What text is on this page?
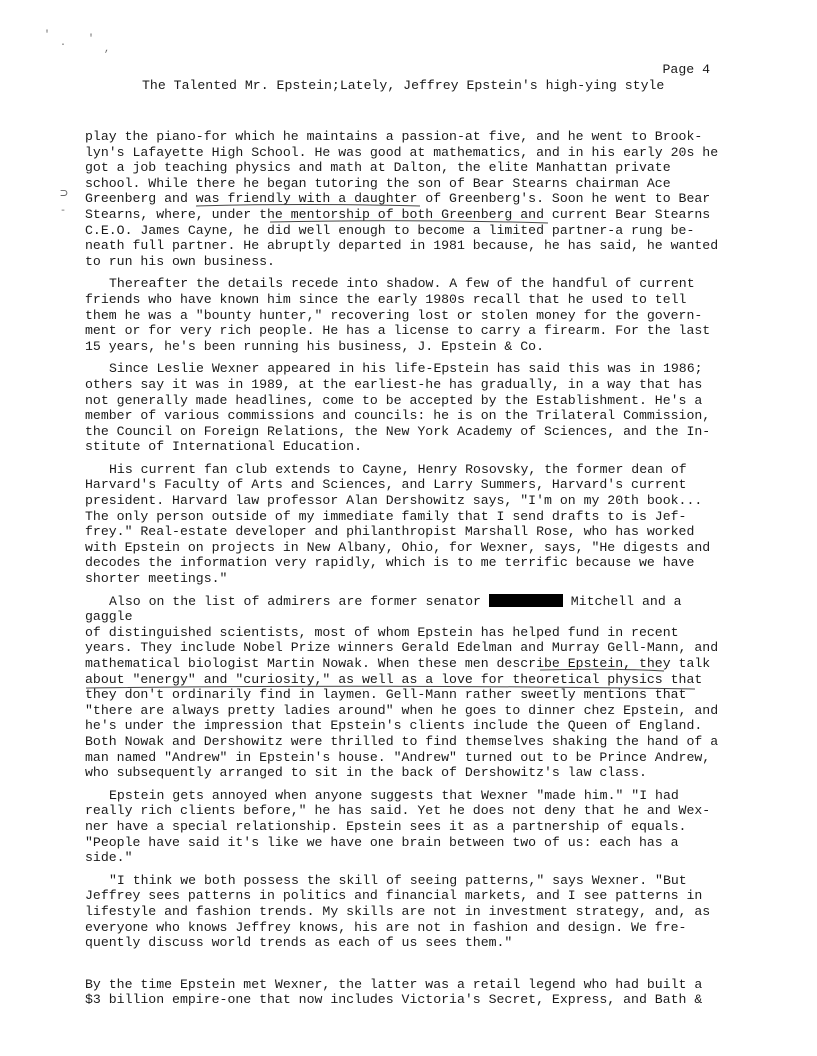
'	'
·	,
⊃
-
Page 4
The Talented Mr. Epstein;Lately, Jeffrey Epstein's high-ying style

play the piano-for which he maintains a passion-at five, and he went to Brook-
lyn's Lafayette High School. He was good at mathematics, and in his early 20s he
got a job teaching physics and math at Dalton, the elite Manhattan private
school. While there he began tutoring the son of Bear Stearns chairman Ace
Greenberg and was friendly with a daughter of Greenberg's. Soon he went to Bear
Stearns, where, under the mentorship of both Greenberg and current Bear Stearns
C.E.O. James Cayne, he did well enough to become a limited partner-a rung be-
neath full partner. He abruptly departed in 1981 because, he has said, he wanted
to run his own business.

Thereafter the details recede into shadow. A few of the handful of current
friends who have known him since the early 1980s recall that he used to tell
them he was a "bounty hunter," recovering lost or stolen money for the govern-
ment or for very rich people. He has a license to carry a firearm. For the last
15 years, he's been running his business, J. Epstein & Co.

Since Leslie Wexner appeared in his life-Epstein has said this was in 1986;
others say it was in 1989, at the earliest-he has gradually, in a way that has
not generally made headlines, come to be accepted by the Establishment. He's a
member of various commissions and councils: he is on the Trilateral Commission,
the Council on Foreign Relations, the New York Academy of Sciences, and the In-
stitute of International Education.

His current fan club extends to Cayne, Henry Rosovsky, the former dean of
Harvard's Faculty of Arts and Sciences, and Larry Summers, Harvard's current
president. Harvard law professor Alan Dershowitz says, "I'm on my 20th book...
The only person outside of my immediate family that I send drafts to is Jef-
frey." Real-estate developer and philanthropist Marshall Rose, who has worked
with Epstein on projects in New Albany, Ohio, for Wexner, says, "He digests and
decodes the information very rapidly, which is to me terrific because we have
shorter meetings."

Also on the list of admirers are former senator	Mitchell and a gaggle
of distinguished scientists, most of whom Epstein has helped fund in recent
years. They include Nobel Prize winners Gerald Edelman and Murray Gell-Mann, and
mathematical biologist Martin Nowak. When these men describe Epstein, they talk
about "energy" and "curiosity," as well as a love for theoretical physics that
they don't ordinarily find in laymen. Gell-Mann rather sweetly mentions that
"there are always pretty ladies around" when he goes to dinner chez Epstein, and
he's under the impression that Epstein's clients include the Queen of England.
Both Nowak and Dershowitz were thrilled to find themselves shaking the hand of a
man named "Andrew" in Epstein's house. "Andrew" turned out to be Prince Andrew,
who subsequently arranged to sit in the back of Dershowitz's law class.

Epstein gets annoyed when anyone suggests that Wexner "made him." "I had
really rich clients before," he has said. Yet he does not deny that he and Wex-
ner have a special relationship. Epstein sees it as a partnership of equals.
"People have said it's like we have one brain between two of us: each has a
side."

"I think we both possess the skill of seeing patterns," says Wexner. "But
Jeffrey sees patterns in politics and financial markets, and I see patterns in
lifestyle and fashion trends. My skills are not in investment strategy, and, as
everyone who knows Jeffrey knows, his are not in fashion and design. We fre-
quently discuss world trends as each of us sees them."

By the time Epstein met Wexner, the latter was a retail legend who had built a
$3 billion empire-one that now includes Victoria's Secret, Express, and Bath &
